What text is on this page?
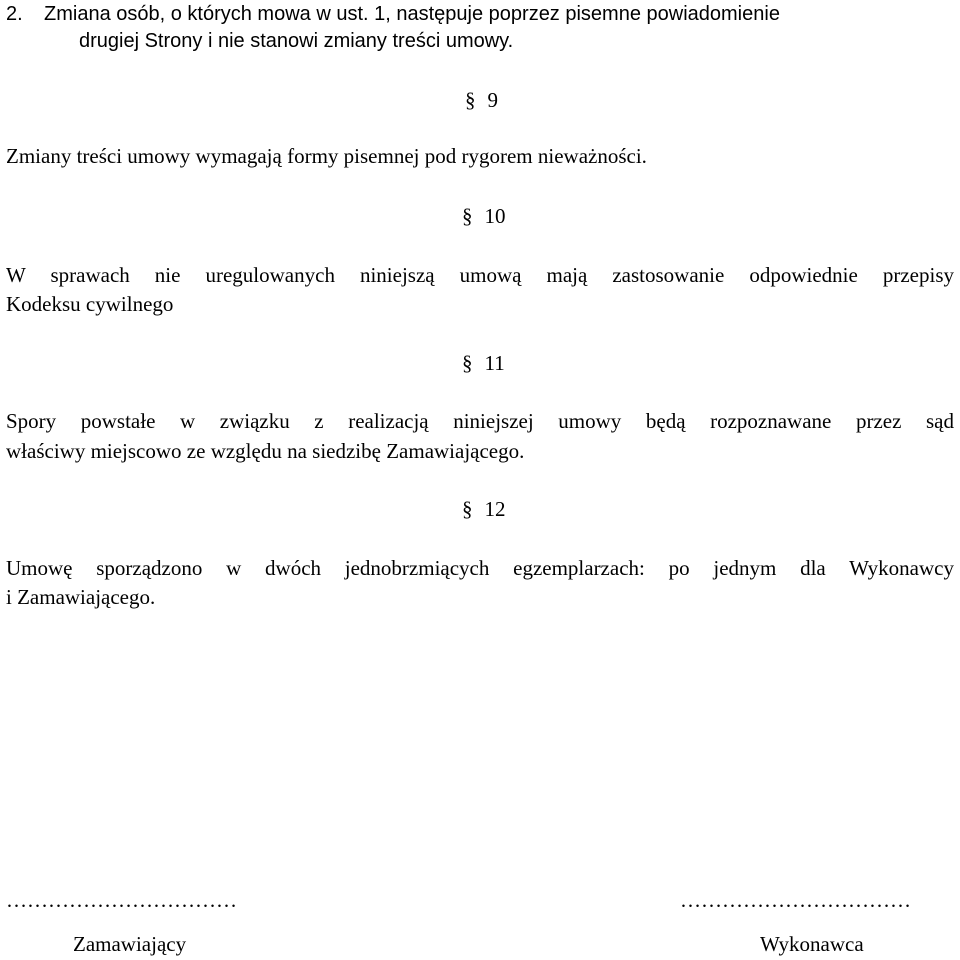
2. Zmiana osób, o których mowa w ust. 1, następuje poprzez pisemne powiadomienie
drugiej Strony i nie stanowi zmiany treści umowy.
§ 9
Zmiany treści umowy wymagają formy pisemnej pod rygorem nieważności.
§ 10
W sprawach nie uregulowanych niniejszą umową mają zastosowanie odpowiednie przepisy
Kodeksu cywilnego
§ 11
Spory powstałe w związku z realizacją niniejszej umowy będą rozpoznawane przez sąd
właściwy miejscowo ze względu na siedzibę Zamawiającego.
§ 12
Umowę sporządzono w dwóch jednobrzmiących egzemplarzach: po jednym dla Wykonawcy
i Zamawiającego.
……………………………
Zamawiający
……………………………
Wykonawca
